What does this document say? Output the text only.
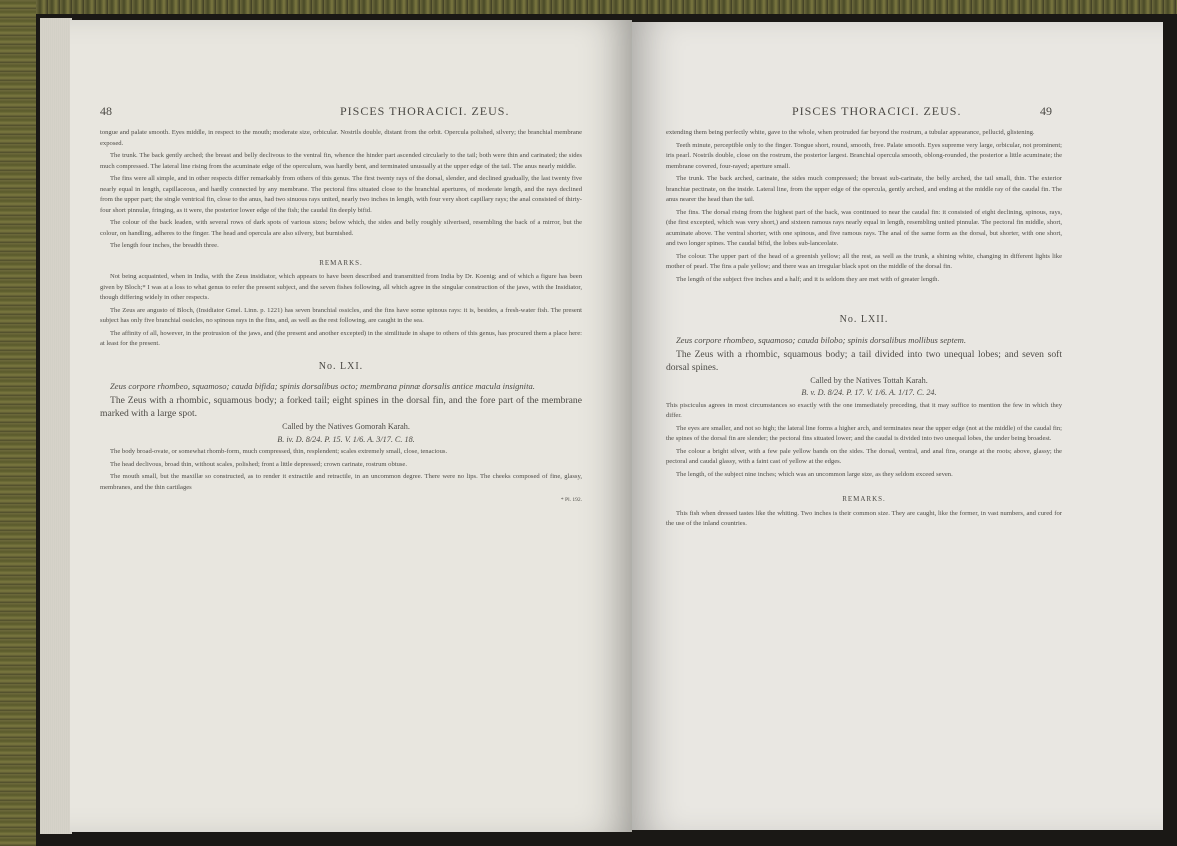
48	PISCES THORACICI. ZEUS.

tongue and palate smooth. Eyes middle, in respect to the mouth; moderate size, orbicular. Nostrils double, distant from the orbit. Opercula polished, silvery; the branchial membrane exposed.

The trunk. The back gently arched; the breast and belly declivous to the ventral fin, whence the hinder part ascended circularly to the tail; both were thin and carinated; the sides much compressed. The lateral line rising from the acuminate edge of the operculum, was hardly bent, and terminated unusually at the upper edge of the tail. The anus nearly middle.

The fins were all simple, and in other respects differ remarkably from others of this genus. The first twenty rays of the dorsal, slender, and declined gradually, the last twenty five nearly equal in length, capillaceous, and hardly connected by any membrane. The pectoral fins situated close to the branchial apertures, of moderate length, and the rays declined from the upper part; the single ventrical fin, close to the anus, had two sinuous rays united, nearly two inches in length, with four very short capillary rays; the anal consisted of thirty-four short pinnulæ, fringing, as it were, the posterior lower edge of the fish; the caudal fin deeply bifid.

The colour of the back leaden, with several rows of dark spots of various sizes; below which, the sides and belly roughly silverised, resembling the back of a mirror, but the colour, on handling, adheres to the finger. The head and opercula are also silvery, but burnished.

The length four inches, the breadth three.

REMARKS.

Not being acquainted, when in India, with the Zeus insidiator, which appears to have been described and transmitted from India by Dr. Koenig; and of which a figure has been given by Bloch;* I was at a loss to what genus to refer the present subject, and the seven fishes following, all which agree in the singular construction of the jaws, with the Insidiator, though differing widely in other respects.

The Zeus are angusto of Bloch, (Insidiator Gmel. Linn. p. 1221) has seven branchial ossicles, and the fins have some spinous rays: it is, besides, a fresh-water fish. The present subject has only five branchial ossicles, no spinous rays in the fins, and, as well as the rest following, are caught in the sea.

The affinity of all, however, in the protrusion of the jaws, and (the present and another excepted) in the similitude in shape to others of this genus, has procured them a place here: at least for the present.

No. LXI.

Zeus corpore rhombeo, squamoso; cauda bifida; spinis dorsalibus octo; membrana pinnæ dorsalis antice macula insignita.

The Zeus with a rhombic, squamous body; a forked tail; eight spines in the dorsal fin, and the fore part of the membrane marked with a large spot.

Called by the Natives Gomorah Karah.

B. iv. D. 8/24. P. 15. V. 1/6. A. 3/17. C. 18.

The body broad-ovate, or somewhat rhomb-form, much compressed, thin, resplendent; scales extremely small, close, tenacious.

The head declivous, broad thin, without scales, polished; front a little depressed; crown carinate, rostrum obtuse.

The mouth small, but the maxillæ so constructed, as to render it extractile and retractile, in an uncommon degree. There were no lips. The cheeks composed of fine, glassy, membranes, and the thin cartilages

* Pl. 192.
PISCES THORACICI. ZEUS.	49

extending them being perfectly white, gave to the whole, when protruded far beyond the rostrum, a tubular appearance, pellucid, glistening.

Teeth minute, perceptible only to the finger. Tongue short, round, smooth, free. Palate smooth. Eyes supreme very large, orbicular, not prominent; iris pearl. Nostrils double, close on the rostrum, the posterior largest. Branchial opercula smooth, oblong-rounded, the posterior a little acuminate; the membrane covered, four-rayed; aperture small.

The trunk. The back arched, carinate, the sides much compressed; the breast sub-carinate, the belly arched, the tail small, thin. The exterior branchiæ pectinate, on the inside. Lateral line, from the upper edge of the opercula, gently arched, and ending at the middle ray of the caudal fin. The anus nearer the head than the tail.

The fins. The dorsal rising from the highest part of the back, was continued to near the caudal fin: it consisted of eight declining, spinous, rays, (the first excepted, which was very short,) and sixteen ramous rays nearly equal in length, resembling united pinnulæ. The pectoral fin middle, short, acuminate above. The ventral shorter, with one spinous, and five ramous rays. The anal of the same form as the dorsal, but shorter, with one short, and two longer spines. The caudal bifid, the lobes sub-lanceolate.

The colour. The upper part of the head of a greenish yellow; all the rest, as well as the trunk, a shining white, changing in different lights like mother of pearl. The fins a pale yellow; and there was an irregular black spot on the middle of the dorsal fin.

The length of the subject five inches and a half; and it is seldom they are met with of greater length.

No. LXII.

Zeus corpore rhombeo, squamoso; cauda bilobo; spinis dorsalibus mollibus septem.

The Zeus with a rhombic, squamous body; a tail divided into two unequal lobes; and seven soft dorsal spines.

Called by the Natives Tottah Karah.

B. v. D. 8/24. P. 17. V. 1/6. A. 1/17. C. 24.

This pisciculus agrees in most circumstances so exactly with the one immediately preceding, that it may suffice to mention the few in which they differ.

The eyes are smaller, and not so high; the lateral line forms a higher arch, and terminates near the upper edge (not at the middle) of the caudal fin; the spines of the dorsal fin are slender; the pectoral fins situated lower; and the caudal is divided into two unequal lobes, the under being broadest.

The colour a bright silver, with a few pale yellow bands on the sides. The dorsal, ventral, and anal fins, orange at the roots; above, glassy; the pectoral and caudal glassy, with a faint cast of yellow at the edges.

The length, of the subject nine inches; which was an uncommon large size, as they seldom exceed seven.

REMARKS.

This fish when dressed tastes like the whiting. Two inches is their common size. They are caught, like the former, in vast numbers, and cured for the use of the inland countries.
